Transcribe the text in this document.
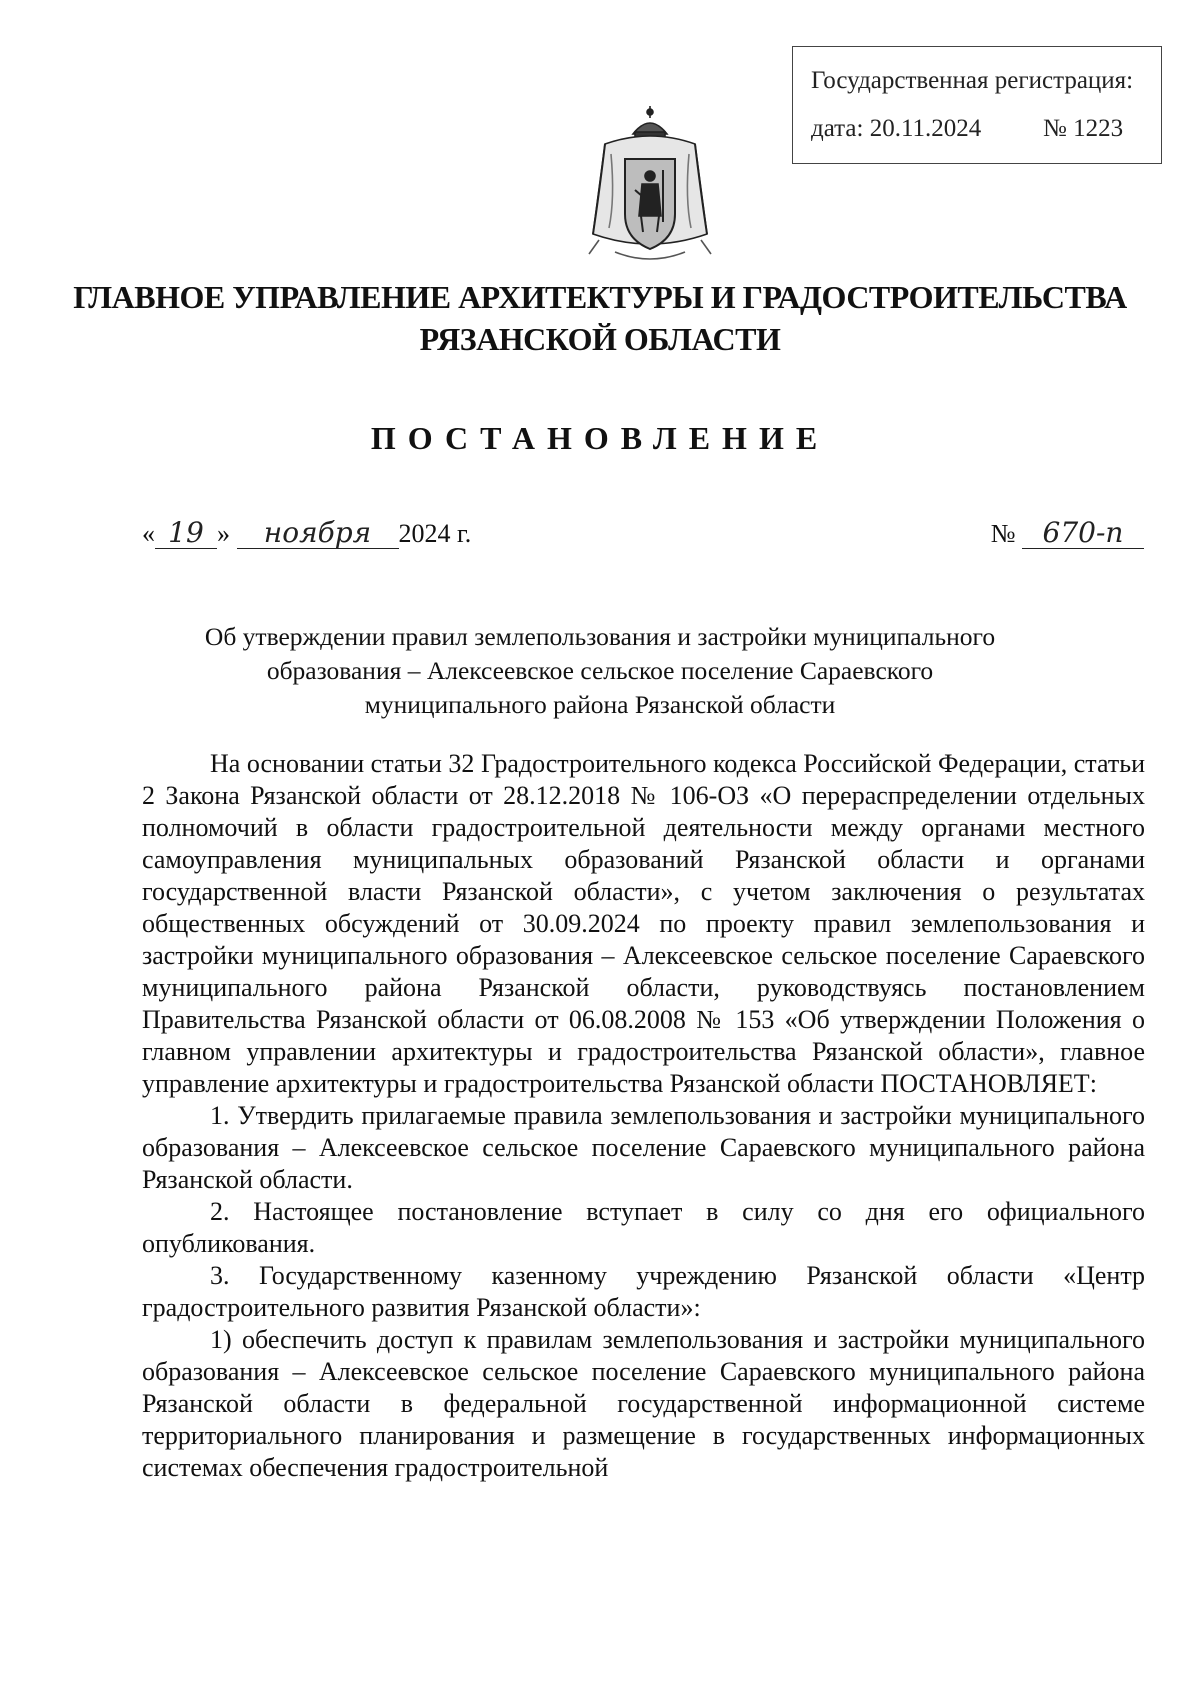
Государственная регистрация:
дата: 20.11.2024 № 1223
ГЛАВНОЕ УПРАВЛЕНИЕ АРХИТЕКТУРЫ И ГРАДОСТРОИТЕЛЬСТВА
РЯЗАНСКОЙ ОБЛАСТИ
ПОСТАНОВЛЕНИЕ
« 19 » ноября 2024 г.	№ 670-п
Об утверждении правил землепользования и застройки муниципального
образования – Алексеевское сельское поселение Сараевского
муниципального района Рязанской области

На основании статьи 32 Градостроительного кодекса Российской Федерации, статьи 2 Закона Рязанской области от 28.12.2018 № 106-ОЗ «О перераспределении отдельных полномочий в области градостроительной деятельности между органами местного самоуправления муниципальных образований Рязанской области и органами государственной власти Рязанской области», с учетом заключения о результатах общественных обсуждений от 30.09.2024 по проекту правил землепользования и застройки муниципального образования – Алексеевское сельское поселение Сараевского муниципального района Рязанской области, руководствуясь постановлением Правительства Рязанской области от 06.08.2008 № 153 «Об утверждении Положения о главном управлении архитектуры и градостроительства Рязанской области», главное управление архитектуры и градостроительства Рязанской области ПОСТАНОВЛЯЕТ:

1. Утвердить прилагаемые правила землепользования и застройки муниципального образования – Алексеевское сельское поселение Сараевского муниципального района Рязанской области.

2. Настоящее постановление вступает в силу со дня его официального опубликования.

3. Государственному казенному учреждению Рязанской области «Центр градостроительного развития Рязанской области»:

1) обеспечить доступ к правилам землепользования и застройки муниципального образования – Алексеевское сельское поселение Сараевского муниципального района Рязанской области в федеральной государственной информационной системе территориального планирования и размещение в государственных информационных системах обеспечения градостроительной
